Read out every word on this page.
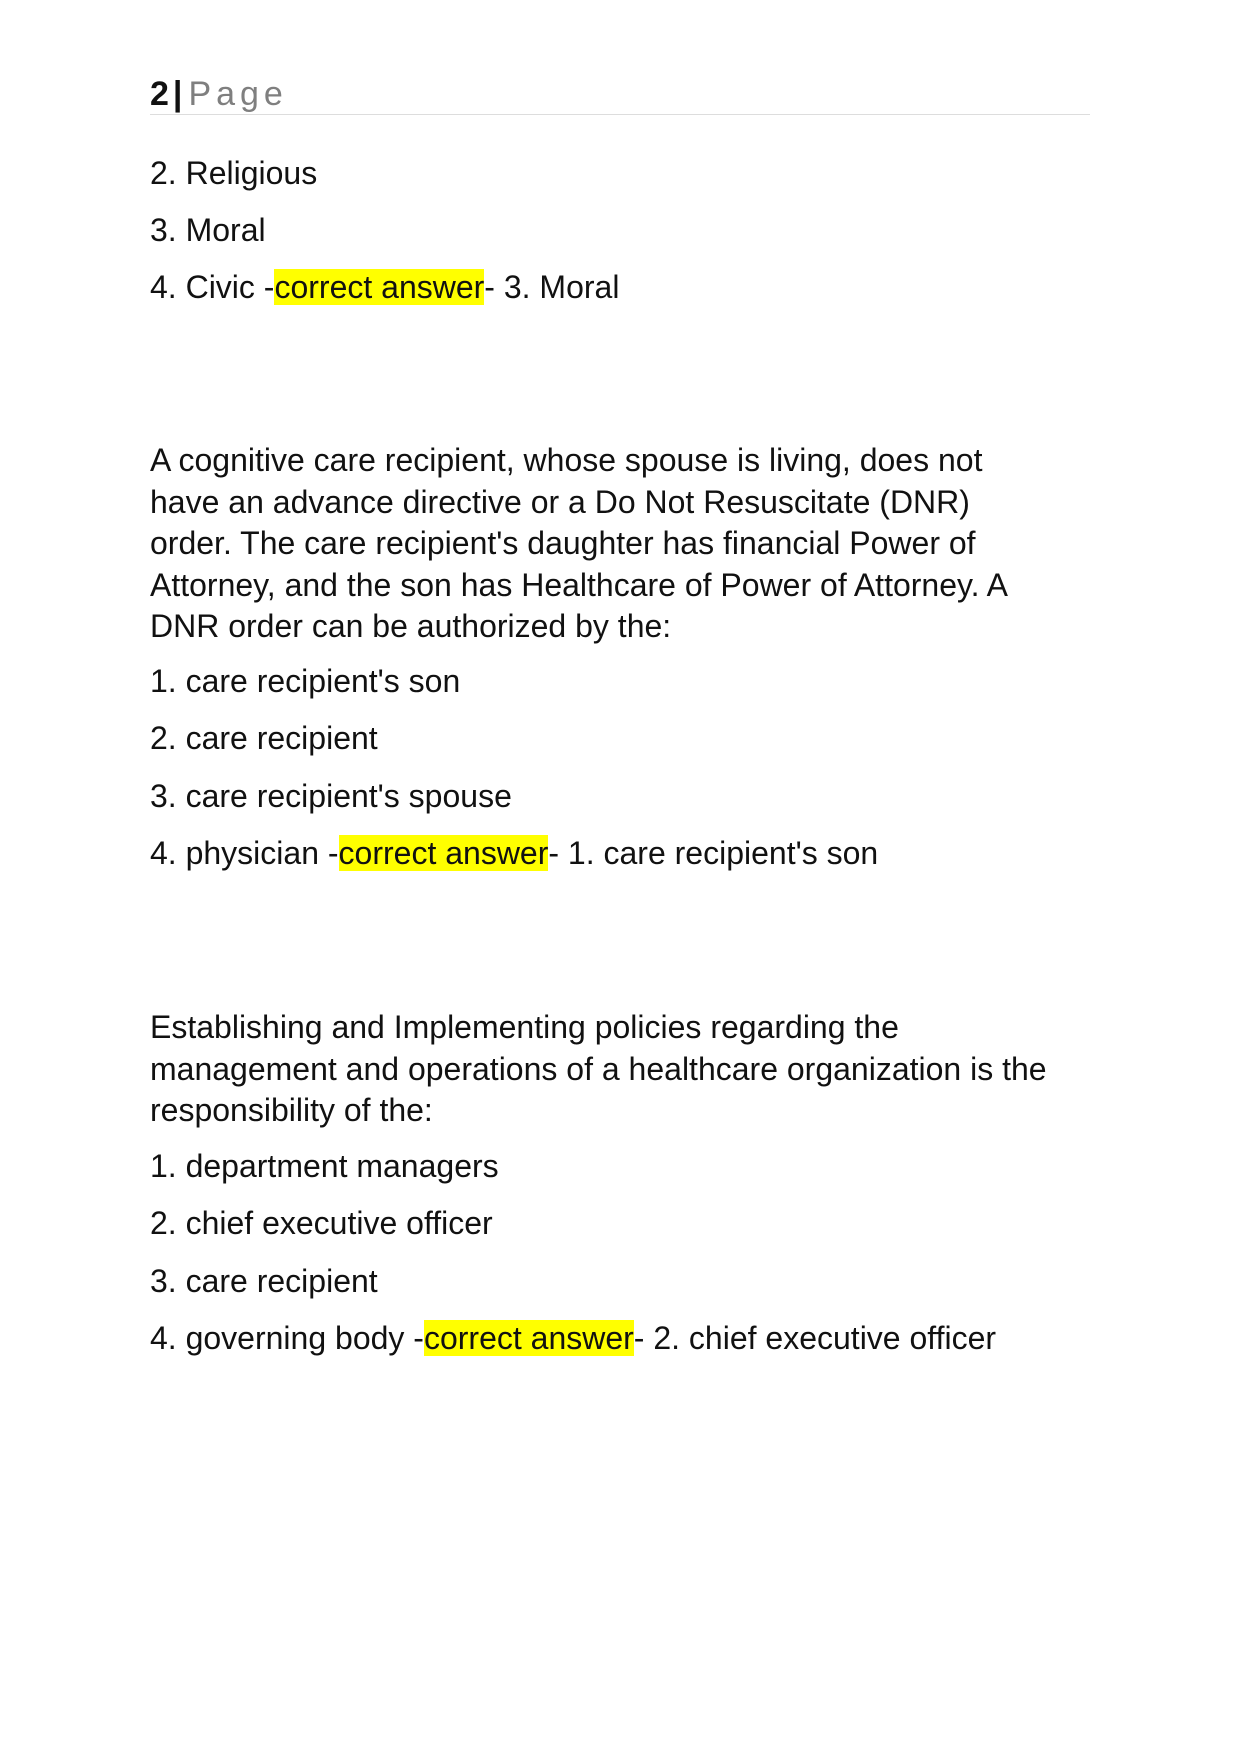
2 | Page
2. Religious
3. Moral
4. Civic -correct answer- 3. Moral
A cognitive care recipient, whose spouse is living, does not
have an advance directive or a Do Not Resuscitate (DNR)
order. The care recipient's daughter has financial Power of
Attorney, and the son has Healthcare of Power of Attorney. A
DNR order can be authorized by the:
1. care recipient's son
2. care recipient
3. care recipient's spouse
4. physician -correct answer- 1. care recipient's son
Establishing and Implementing policies regarding the
management and operations of a healthcare organization is the
responsibility of the:
1. department managers
2. chief executive officer
3. care recipient
4. governing body -correct answer- 2. chief executive officer
